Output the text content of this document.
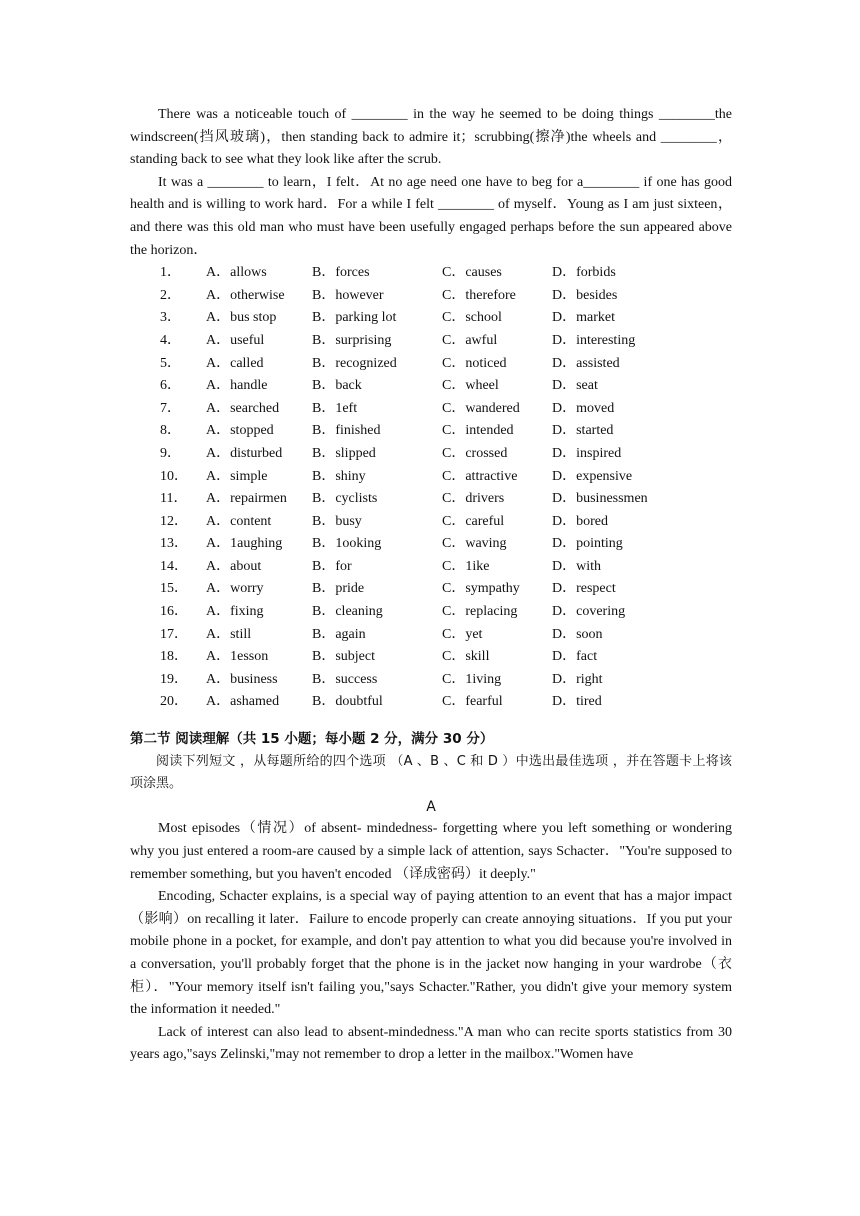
There was a noticeable touch of ________ in the way he seemed to be doing things ________the windscreen(挡风玻璃)，then standing back to admire it；scrubbing(擦净)the wheels and ________， standing back to see what they look like after the scrub.

It was a ________ to learn，I felt．At no age need one have to beg for a________ if one has good health and is willing to work hard．For a while I felt ________ of myself．Young as I am just sixteen，and there was this old man who must have been usefully engaged perhaps before the sun appeared above the horizon．

1．	A．allows	B．forces	C．causes	D．forbids
2．	A．otherwise	B．however	C．therefore	D．besides
3．	A．bus stop	B．parking lot	C．school	D．market
4．	A．useful	B．surprising	C．awful	D．interesting
5．	A．called	B．recognized	C．noticed	D．assisted
6．	A．handle	B．back	C．wheel	D．seat
7．	A．searched	B．1eft	C．wandered	D．moved
8．	A．stopped	B．finished	C．intended	D．started
9．	A．disturbed	B．slipped	C．crossed	D．inspired
10．	A．simple	B．shiny	C．attractive	D．expensive
11．	A．repairmen	B．cyclists	C．drivers	D．businessmen
12．	A．content	B．busy	C．careful	D．bored
13．	A．1aughing	B．1ooking	C．waving	D．pointing
14．	A．about	B．for	C．1ike	D．with
15．	A．worry	B．pride	C．sympathy	D．respect
16．	A．fixing	B．cleaning	C．replacing	D．covering
17．	A．still	B．again	C．yet	D．soon
18．	A．1esson	B．subject	C．skill	D．fact
19．	A．business	B．success	C．1iving	D．right
20．	A．ashamed	B．doubtful	C．fearful	D．tired
第二节 阅读理解（共 15 小题；每小题 2 分，满分 30 分）

阅读下列短文 ，从每题所给的四个选项 （A 、B 、C 和 D ）中选出最佳选项 ，并在答题卡上将该项涂黑。

A

Most episodes（情况）of absent- mindedness- forgetting where you left something or wondering why you just entered a room-are caused by a simple lack of attention, says Schacter．"You're supposed to remember something, but you haven't encoded （译成密码）it deeply."

Encoding, Schacter explains, is a special way of paying attention to an event that has a major impact（影响）on recalling it later．Failure to encode properly can create annoying situations．If you put your mobile phone in a pocket, for example, and don't pay attention to what you did because you're involved in a conversation, you'll probably forget that the phone is in the jacket now hanging in your wardrobe（衣柜）．"Your memory itself isn't failing you,"says Schacter."Rather, you didn't give your memory system the information it needed."

Lack of interest can also lead to absent-mindedness."A man who can recite sports statistics from 30 years ago,"says Zelinski,"may not remember to drop a letter in the mailbox."Women have
